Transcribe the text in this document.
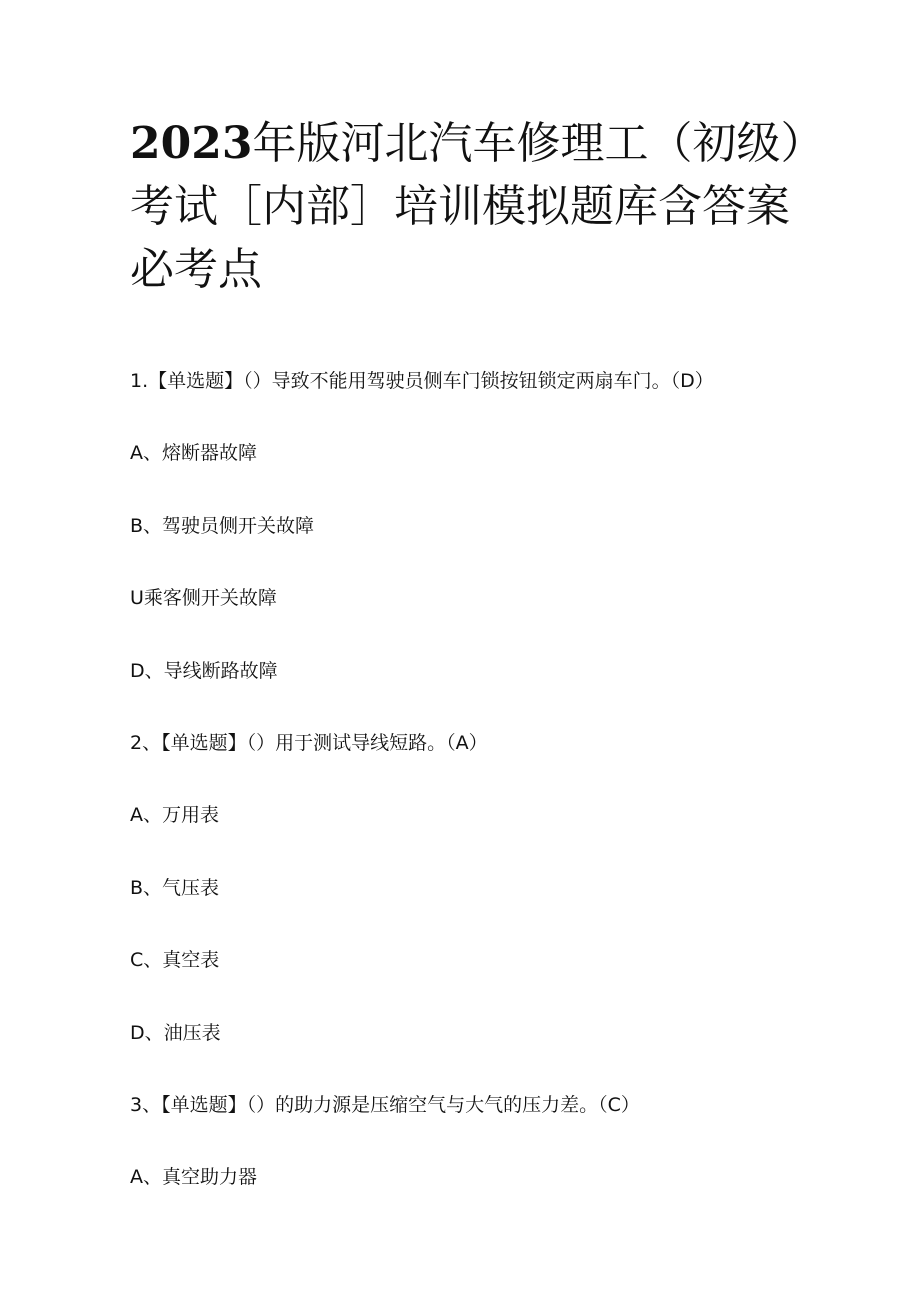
2023年版河北汽车修理工（初级）
考试［内部］培训模拟题库含答案
必考点
1.【单选题】（）导致不能用驾驶员侧车门锁按钮锁定两扇车门。（D）
A、熔断器故障
B、驾驶员侧开关故障
U乘客侧开关故障
D、导线断路故障
2、【单选题】（）用于测试导线短路。（A）
A、万用表
B、气压表
C、真空表
D、油压表
3、【单选题】（）的助力源是压缩空气与大气的压力差。（C）
A、真空助力器
